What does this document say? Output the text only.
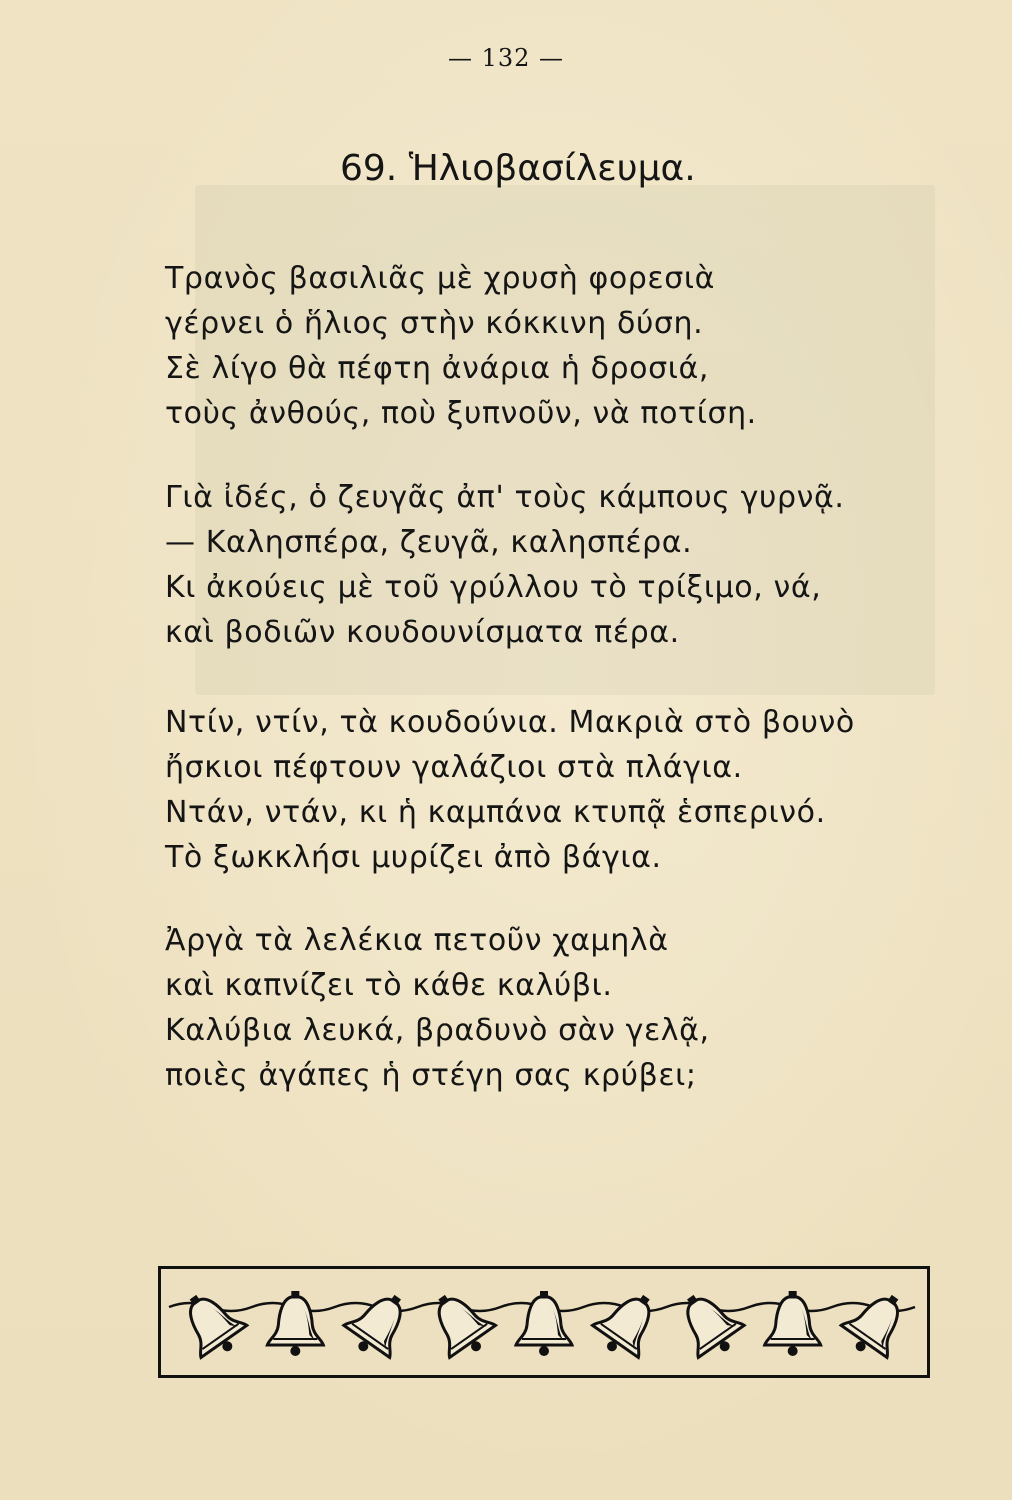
— 132 —
69. Ἡλιοβασίλευμα.
Τρανὸς βασιλιᾶς μὲ χρυσὴ φορεσιὰ
γέρνει ὁ ἥλιος στὴν κόκκινη δύση.
Σὲ λίγο θὰ πέφτη ἀνάρια ἡ δροσιά,
τοὺς ἀνθούς, ποὺ ξυπνοῦν, νὰ ποτίση.
Γιὰ ἰδές, ὁ ζευγᾶς ἀπ' τοὺς κάμπους γυρνᾷ.
— Καλησπέρα, ζευγᾶ, καλησπέρα.
Κι ἀκούεις μὲ τοῦ γρύλλου τὸ τρίξιμο, νά,
καὶ βοδιῶν κουδουνίσματα πέρα.
Ντίν, ντίν, τὰ κουδούνια. Μακριὰ στὸ βουνὸ
ἤσκιοι πέφτουν γαλάζιοι στὰ πλάγια.
Ντάν, ντάν, κι ἡ καμπάνα κτυπᾷ ἑσπερινό.
Τὸ ξωκκλήσι μυρίζει ἀπὸ βάγια.
Ἀργὰ τὰ λελέκια πετοῦν χαμηλὰ
καὶ καπνίζει τὸ κάθε καλύβι.
Καλύβια λευκά, βραδυνὸ σὰν γελᾷ,
ποιὲς ἀγάπες ἡ στέγη σας κρύβει;
